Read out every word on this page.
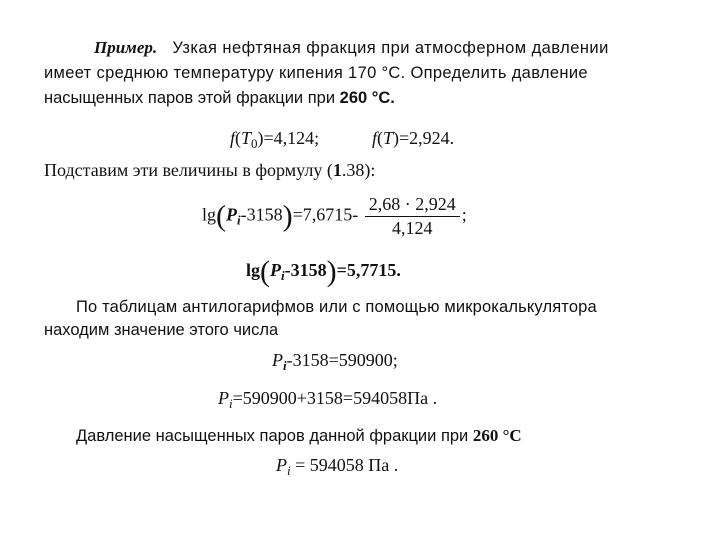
Пример. Узкая нефтяная фракция при атмосферном давлении
имеет среднюю температуру кипения 170 °С. Определить давление
насыщенных паров этой фракции при 260 °С.
$f(T_0)=4,124$;	f(T)=2,924.
Подставим эти величины в формулу (1.38):
$\lg(P_i-3158)=7,6715- \frac{2,68 \cdot 2,924}{4,124}$ ;
$\lg(P_i-3158)=5,7715$.
По таблицам антилогарифмов или с помощью микрокалькулятора
находим значение этого числа
$P_i-3158=590900$;
$P_i=590900+3158=594058Па$ .
Давление насыщенных паров данной фракции при 260 °С
$P_i = 594058$ Па .
